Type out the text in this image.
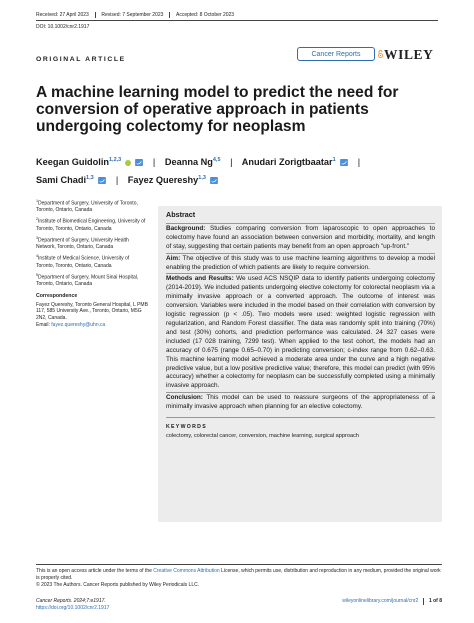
Received: 27 April 2023	Revised: 7 September 2023	Accepted: 8 October 2023
DOI: 10.1002/cnr2.1917
ORIGINAL ARTICLE
Cancer Reports WILEY
A machine learning model to predict the need for conversion of operative approach in patients undergoing colectomy for neoplasm
Keegan Guidolin$^{1,2,3}$	| Deanna Ng$^{4,5}$ | Anudari Zorigtbaatar$^1$ |
Sami Chadi$^{1,3}$ | Fayez Quereshy$^{1,3}$

$^1$Department of Surgery, University of Toronto, Toronto, Ontario, Canada

$^2$Institute of Biomedical Engineering, University of Toronto, Toronto, Ontario, Canada

$^3$Department of Surgery, University Health Network, Toronto, Ontario, Canada

$^4$Institute of Medical Science, University of Toronto, Toronto, Ontario, Canada

$^5$Department of Surgery, Mount Sinai Hospital, Toronto, Ontario, Canada

Correspondence

Fayez Quereshy, Toronto General Hospital, L PMB 117, 585 University Ave., Toronto, Ontario, M5G 2N2, Canada.
Email: fayez.quereshy@uhn.ca

Abstract

Background: Studies comparing conversion from laparoscopic to open approaches to colectomy have found an association between conversion and morbidity, mortality, and length of stay, suggesting that certain patients may benefit from an open approach "up-front."

Aim: The objective of this study was to use machine learning algorithms to develop a model enabling the prediction of which patients are likely to require conversion.

Methods and Results: We used ACS NSQIP data to identify patients undergoing colectomy (2014-2019). We included patients undergoing elective colectomy for colorectal neoplasm via a minimally invasive approach or a converted approach. The outcome of interest was conversion. Variables were included in the model based on their correlation with conversion by logistic regression (p < .05). Two models were used: weighted logistic regression with regularization, and Random Forest classifier. The data was randomly split into training (70%) and test (30%) cohorts, and prediction performance was calculated. 24 327 cases were included (17 028 training, 7299 test). When applied to the test cohort, the models had an accuracy of 0.675 (range 0.65–0.70) in predicting conversion; c-index range from 0.62–0.63. This machine learning model achieved a moderate area under the curve and a high negative predictive value, but a low positive predictive value; therefore, this model can predict (with 95% accuracy) whether a colectomy for neoplasm can be successfully completed using a minimally invasive approach.

Conclusion: This model can be used to reassure surgeons of the appropriateness of a minimally invasive approach when planning for an elective colectomy.

KEYWORDS
colectomy, colorectal cancer, conversion, machine learning, surgical approach
This is an open access article under the terms of the Creative Commons Attribution License, which permits use, distribution and reproduction in any medium, provided the original work is properly cited.
© 2023 The Authors. Cancer Reports published by Wiley Periodicals LLC.
Cancer Reports. 2024;7:e1917.
https://doi.org/10.1002/cnr2.1917
wileyonlinelibrary.com/journal/cnr2 1 of 8
